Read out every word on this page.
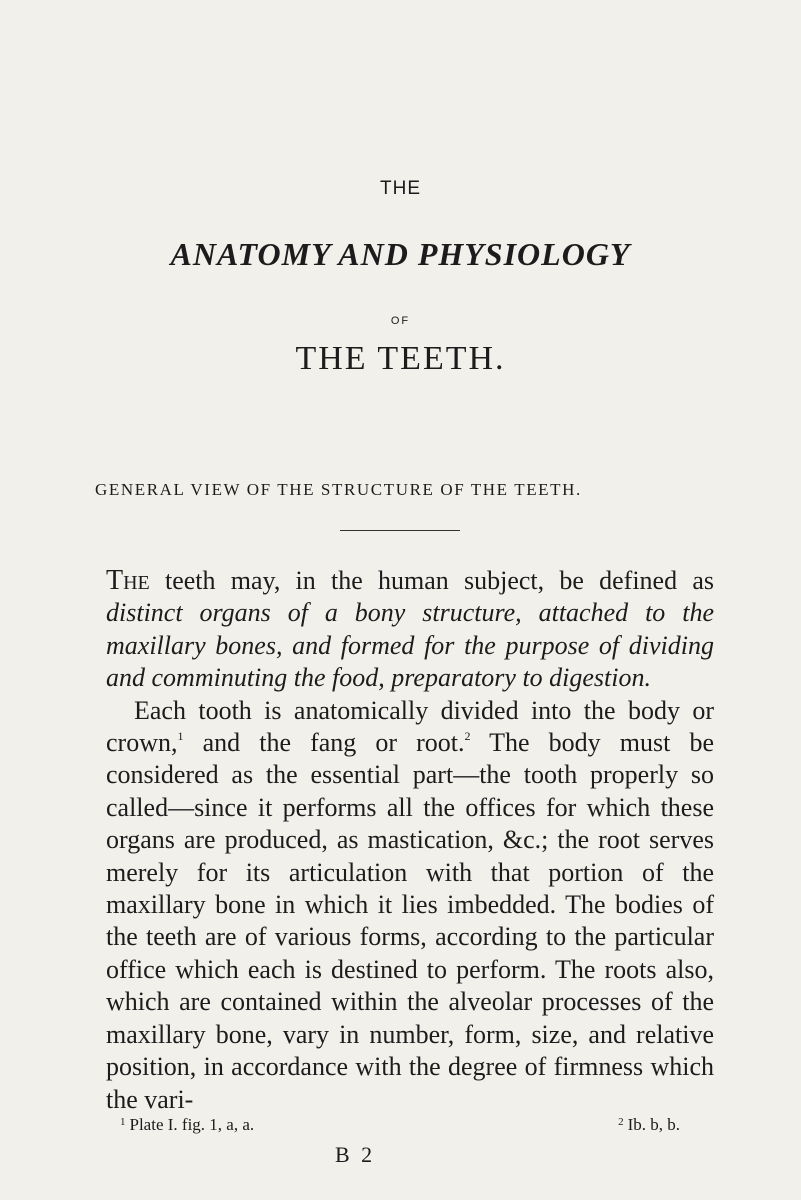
THE
ANATOMY AND PHYSIOLOGY
OF
THE TEETH.
GENERAL VIEW OF THE STRUCTURE OF THE TEETH.

The teeth may, in the human subject, be defined as distinct organs of a bony structure, attached to the maxillary bones, and formed for the purpose of dividing and comminuting the food, preparatory to digestion.

Each tooth is anatomically divided into the body or crown,$^1$ and the fang or root.$^2$ The body must be considered as the essential part—the tooth properly so called—since it performs all the offices for which these organs are produced, as mastication, &c.; the root serves merely for its articulation with that portion of the maxillary bone in which it lies imbedded. The bodies of the teeth are of various forms, according to the particular office which each is destined to perform. The roots also, which are contained within the alveolar processes of the maxillary bone, vary in number, form, size, and relative position, in accordance with the degree of firmness which the vari-

$^1$ Plate I. fig. 1, a, a.	$^2$ Ib. b, b.
B 2
